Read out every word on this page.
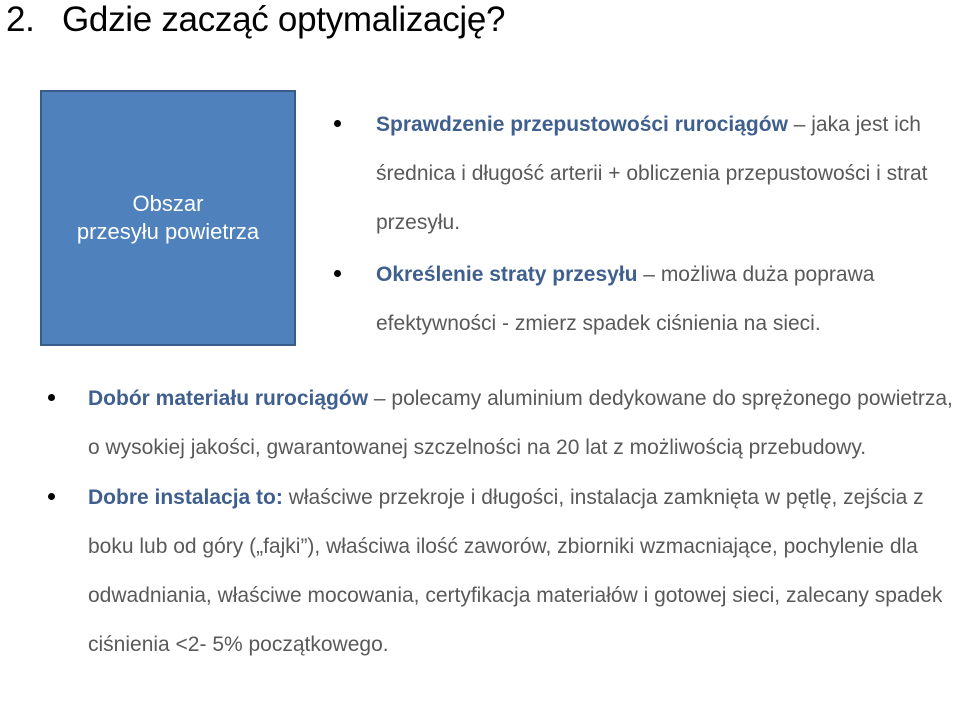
2. Gdzie zacząć optymalizację?
Obszar
przesyłu powietrza
Sprawdzenie przepustowości rurociągów – jaka jest ich średnica i długość arterii + obliczenia przepustowości i strat przesyłu.
Określenie straty przesyłu – możliwa duża poprawa efektywności - zmierz spadek ciśnienia na sieci.
Dobór materiału rurociągów – polecamy aluminium dedykowane do sprężonego powietrza, o wysokiej jakości, gwarantowanej szczelności na 20 lat z możliwością przebudowy.
Dobre instalacja to: właściwe przekroje i długości, instalacja zamknięta w pętlę, zejścia z boku lub od góry („fajki”), właściwa ilość zaworów, zbiorniki wzmacniające, pochylenie dla odwadniania, właściwe mocowania, certyfikacja materiałów i gotowej sieci, zalecany spadek ciśnienia <2- 5% początkowego.
